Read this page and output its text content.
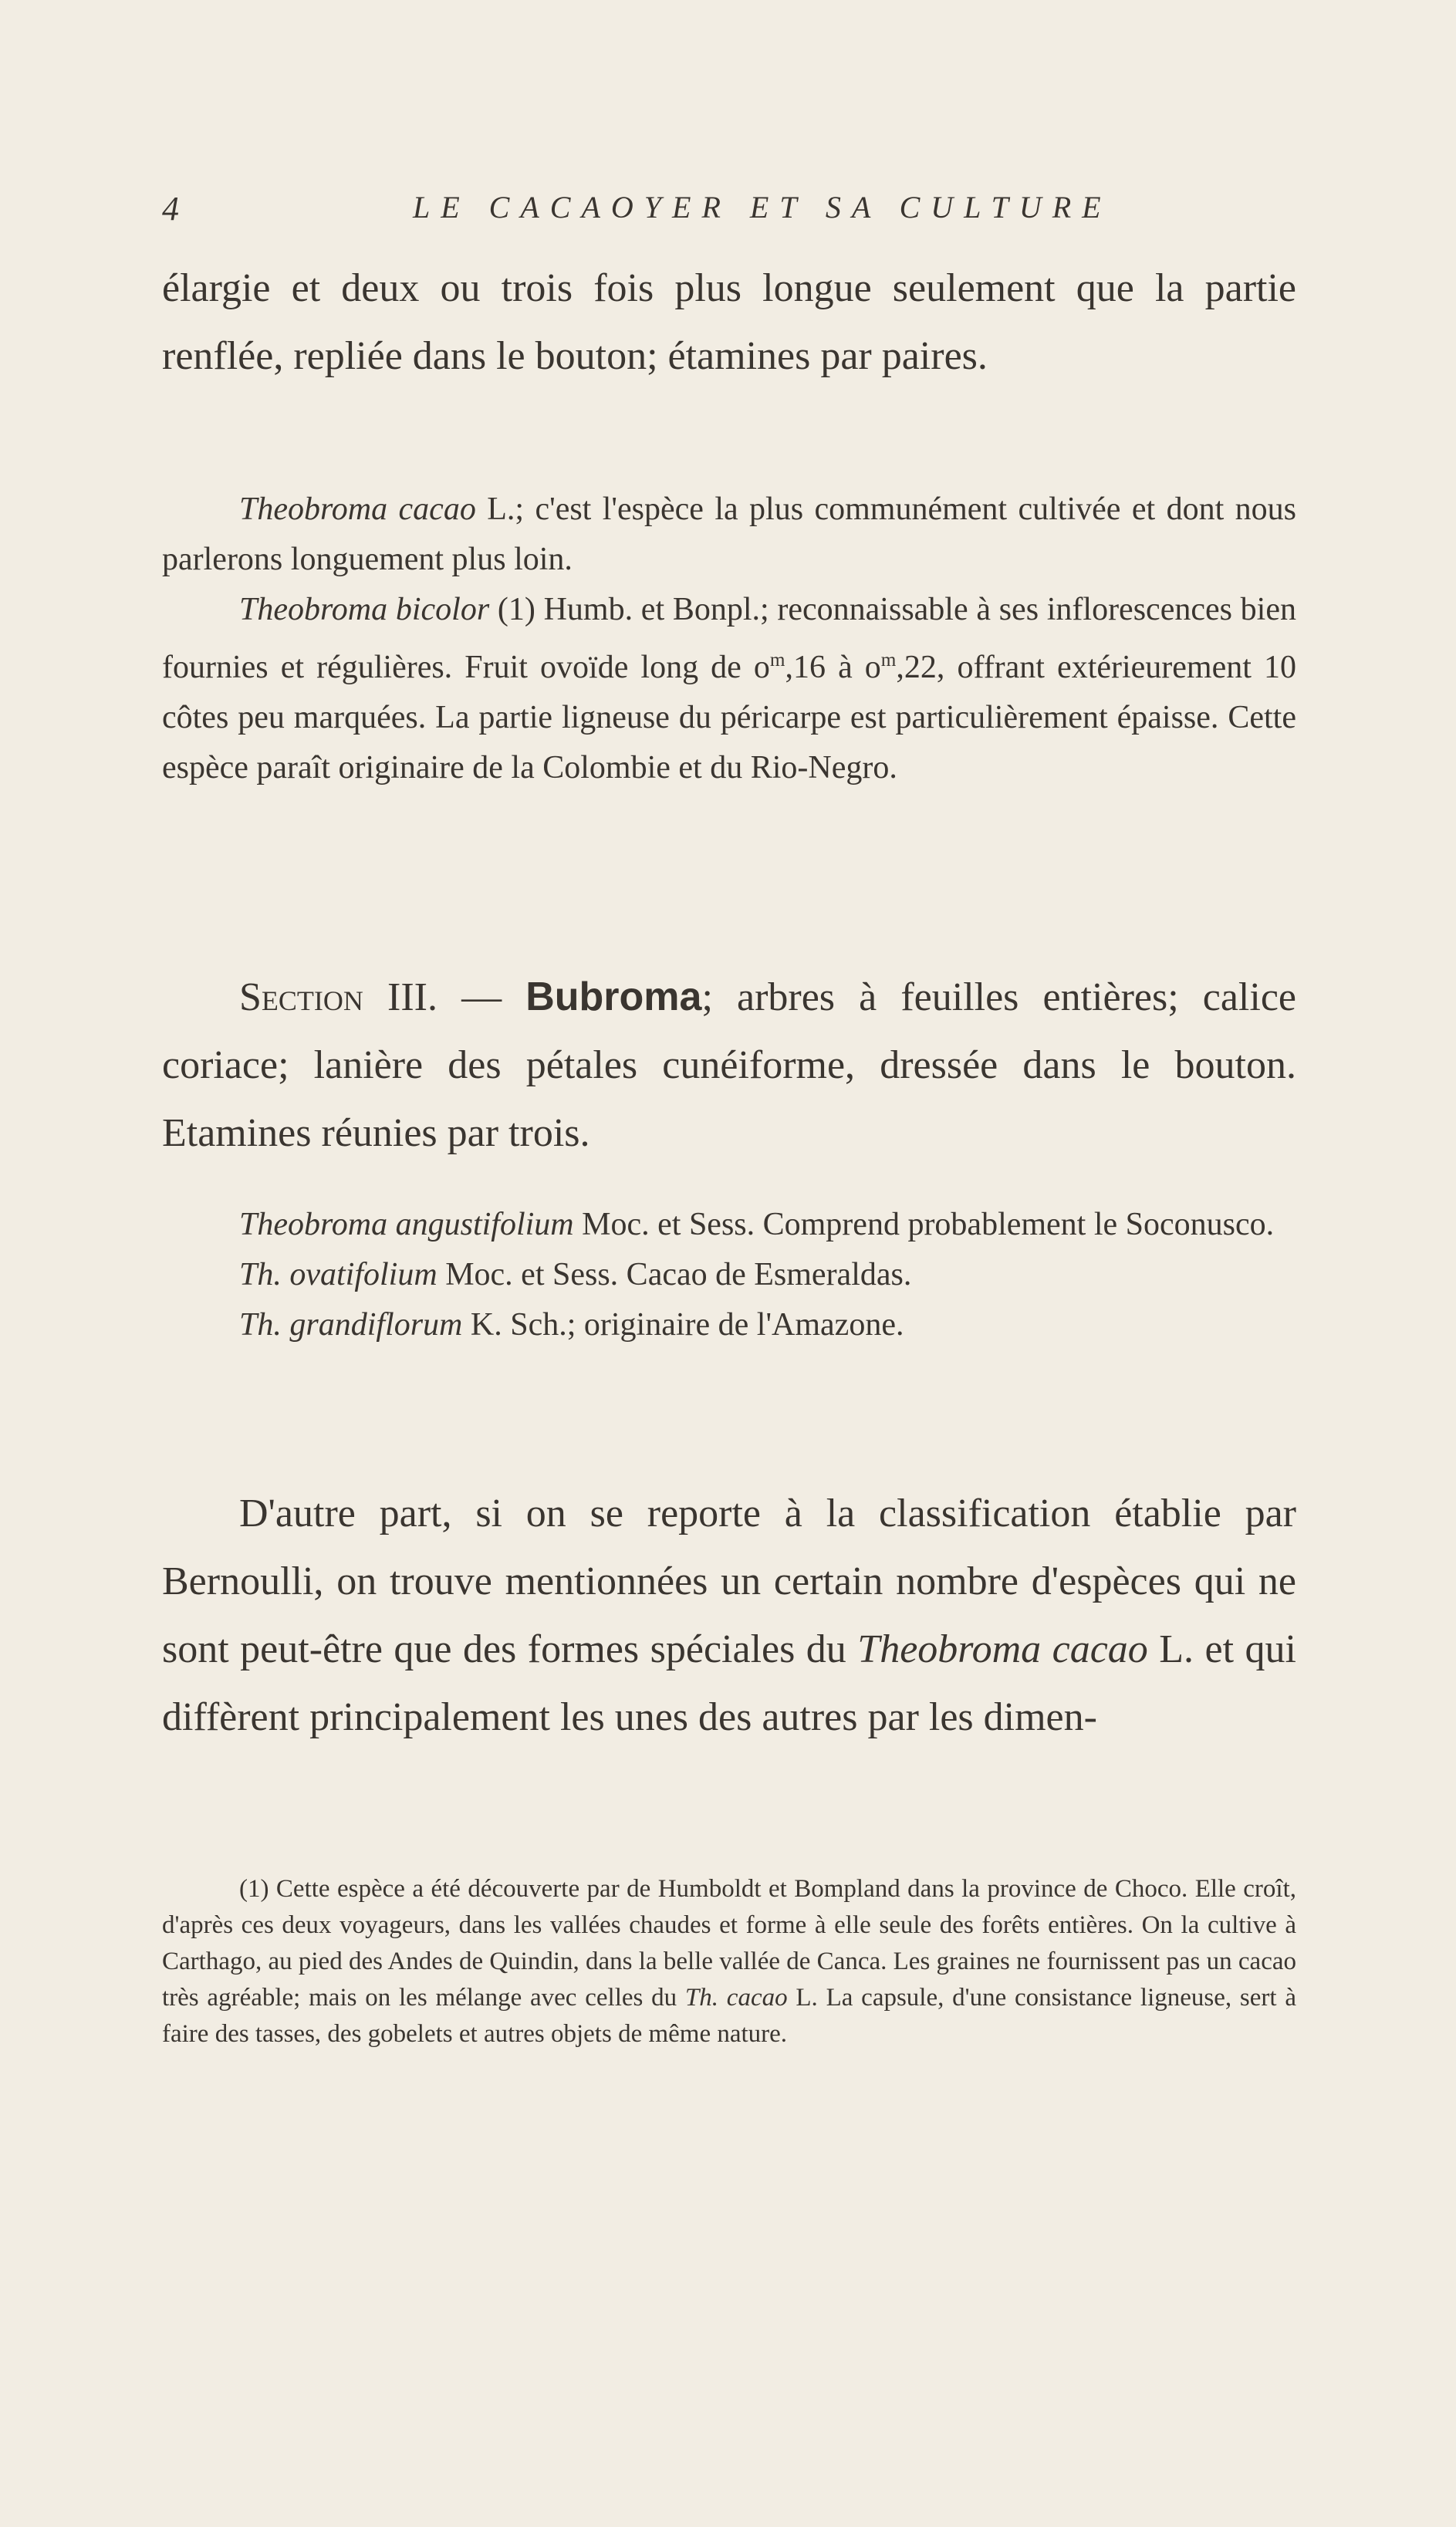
4	LE CACAOYER ET SA CULTURE

élargie et deux ou trois fois plus longue seulement que la partie renflée, repliée dans le bouton; étamines par paires.

Theobroma cacao L.; c'est l'espèce la plus communément cultivée et dont nous parlerons longuement plus loin.

Theobroma bicolor (1) Humb. et Bonpl.; reconnaissable à ses inflorescences bien fournies et régulières. Fruit ovoïde long de $o^m,16$ à $o^m,22$, offrant extérieurement 10 côtes peu marquées. La partie ligneuse du péricarpe est particulièrement épaisse. Cette espèce paraît originaire de la Colombie et du Rio-Negro.

Section III. — Bubroma; arbres à feuilles entières; calice coriace; lanière des pétales cunéiforme, dressée dans le bouton. Etamines réunies par trois.

Theobroma angustifolium Moc. et Sess. Comprend probablement le Soconusco.

Th. ovatifolium Moc. et Sess. Cacao de Esmeraldas.

Th. grandiflorum K. Sch.; originaire de l'Amazone.

D'autre part, si on se reporte à la classification établie par Bernoulli, on trouve mentionnées un certain nombre d'espèces qui ne sont peut-être que des formes spéciales du Theobroma cacao L. et qui diffèrent principalement les unes des autres par les dimen-

(1) Cette espèce a été découverte par de Humboldt et Bompland dans la province de Choco. Elle croît, d'après ces deux voyageurs, dans les vallées chaudes et forme à elle seule des forêts entières. On la cultive à Carthago, au pied des Andes de Quindin, dans la belle vallée de Canca. Les graines ne fournissent pas un cacao très agréable; mais on les mélange avec celles du Th. cacao L. La capsule, d'une consistance ligneuse, sert à faire des tasses, des gobelets et autres objets de même nature.
